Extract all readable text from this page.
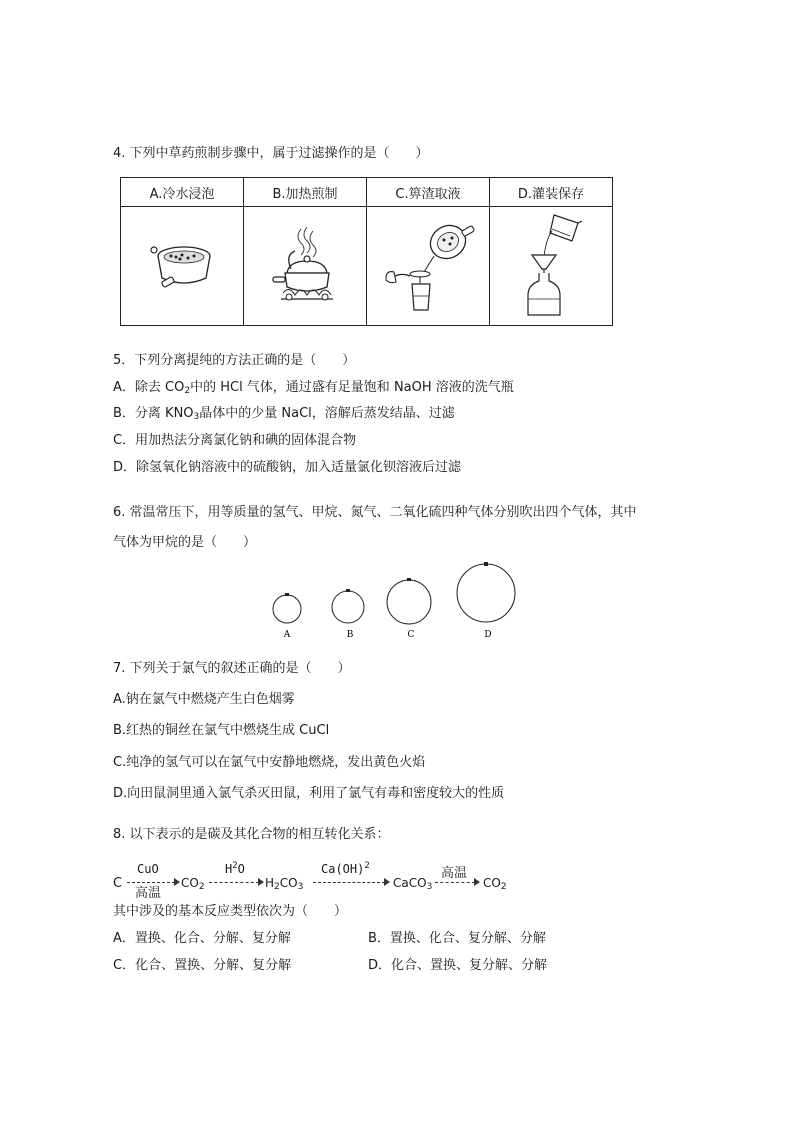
4. 下列中草药煎制步骤中，属于过滤操作的是（　　）
A.冷水浸泡	B.加热煎制	C.箅渣取液	D.灌装保存

5．下列分离提纯的方法正确的是（　　）
A．除去 $CO_2$中的 HCl 气体，通过盛有足量饱和 NaOH 溶液的洗气瓶
B．分离 $KNO_3$晶体中的少量 NaCl，溶解后蒸发结晶、过滤
C．用加热法分离氯化钠和碘的固体混合物
D．除氢氧化钠溶液中的硫酸钠，加入适量氯化钡溶液后过滤
6. 常温常压下，用等质量的氢气、甲烷、氮气、二氧化硫四种气体分别吹出四个气体，其中
气体为甲烷的是（　　）
A	B	C	D
7. 下列关于氯气的叙述正确的是（　　）
A.钠在氯气中燃烧产生白色烟雾
B.红热的铜丝在氯气中燃烧生成 CuCl
C.纯净的氢气可以在氯气中安静地燃烧，发出黄色火焰
D.向田鼠洞里通入氯气杀灭田鼠，利用了氯气有毒和密度较大的性质
8. 以下表示的是碳及其化合物的相互转化关系：
C
CuO
高温
$CO_2$
$H^2O$
$H_2CO_3$
Ca(OH)$^2$
CaCO$_3$
高温
$CO_2$
其中涉及的基本反应类型依次为（　　）
A．置换、化合、分解、复分解	B．置换、化合、复分解、分解
C．化合、置换、分解、复分解	D．化合、置换、复分解、分解
